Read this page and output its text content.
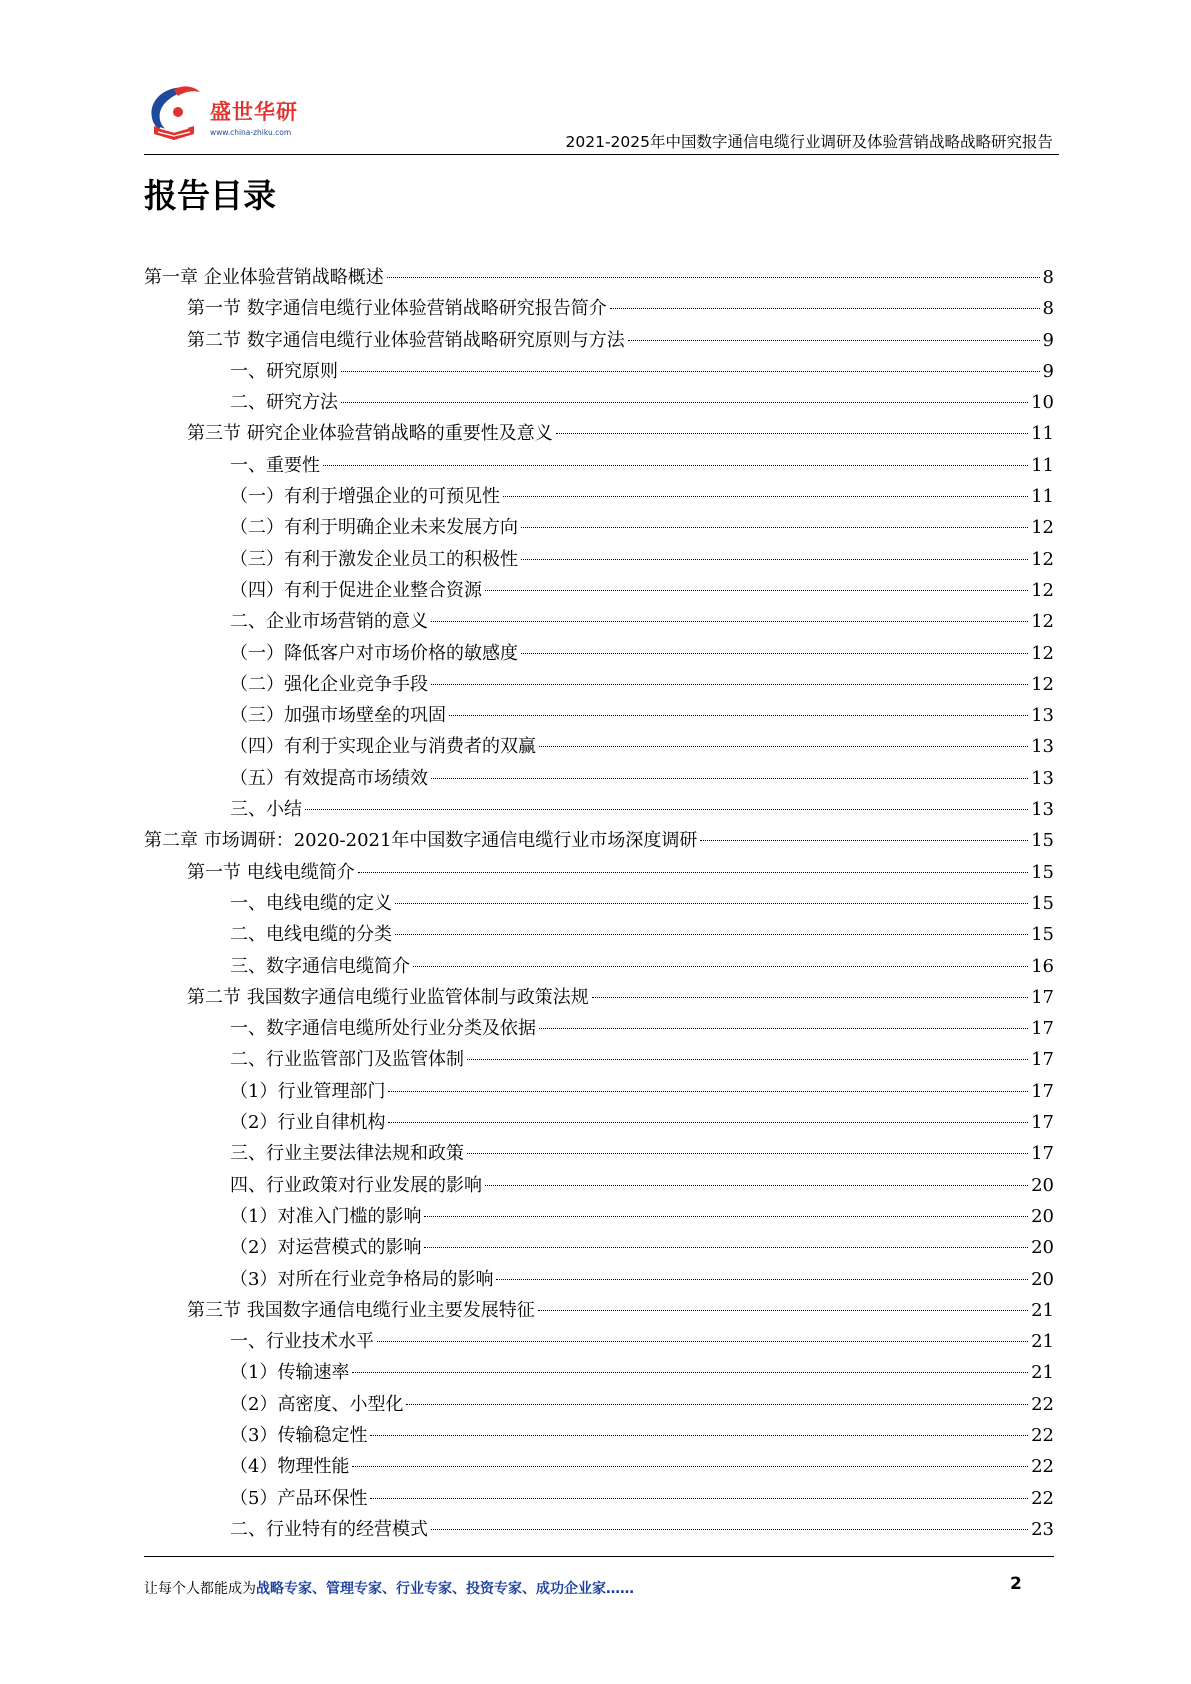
盛世华研
www.china-zhiku.com
2021-2025年中国数字通信电缆行业调研及体验营销战略战略研究报告
报告目录
第一章 企业体验营销战略概述	8
第一节 数字通信电缆行业体验营销战略研究报告简介	8
第二节 数字通信电缆行业体验营销战略研究原则与方法	9
一、研究原则	9
二、研究方法	10
第三节 研究企业体验营销战略的重要性及意义	11
一、重要性	11
（一）有利于增强企业的可预见性	11
（二）有利于明确企业未来发展方向	12
（三）有利于激发企业员工的积极性	12
（四）有利于促进企业整合资源	12
二、企业市场营销的意义	12
（一）降低客户对市场价格的敏感度	12
（二）强化企业竞争手段	12
（三）加强市场壁垒的巩固	13
（四）有利于实现企业与消费者的双赢	13
（五）有效提高市场绩效	13
三、小结	13
第二章 市场调研：2020-2021年中国数字通信电缆行业市场深度调研	15
第一节 电线电缆简介	15
一、电线电缆的定义	15
二、电线电缆的分类	15
三、数字通信电缆简介	16
第二节 我国数字通信电缆行业监管体制与政策法规	17
一、数字通信电缆所处行业分类及依据	17
二、行业监管部门及监管体制	17
（1）行业管理部门	17
（2）行业自律机构	17
三、行业主要法律法规和政策	17
四、行业政策对行业发展的影响	20
（1）对准入门槛的影响	20
（2）对运营模式的影响	20
（3）对所在行业竞争格局的影响	20
第三节 我国数字通信电缆行业主要发展特征	21
一、行业技术水平	21
（1）传输速率	21
（2）高密度、小型化	22
（3）传输稳定性	22
（4）物理性能	22
（5）产品环保性	22
二、行业特有的经营模式	23
让每个人都能成为战略专家、管理专家、行业专家、投资专家、成功企业家……	2
